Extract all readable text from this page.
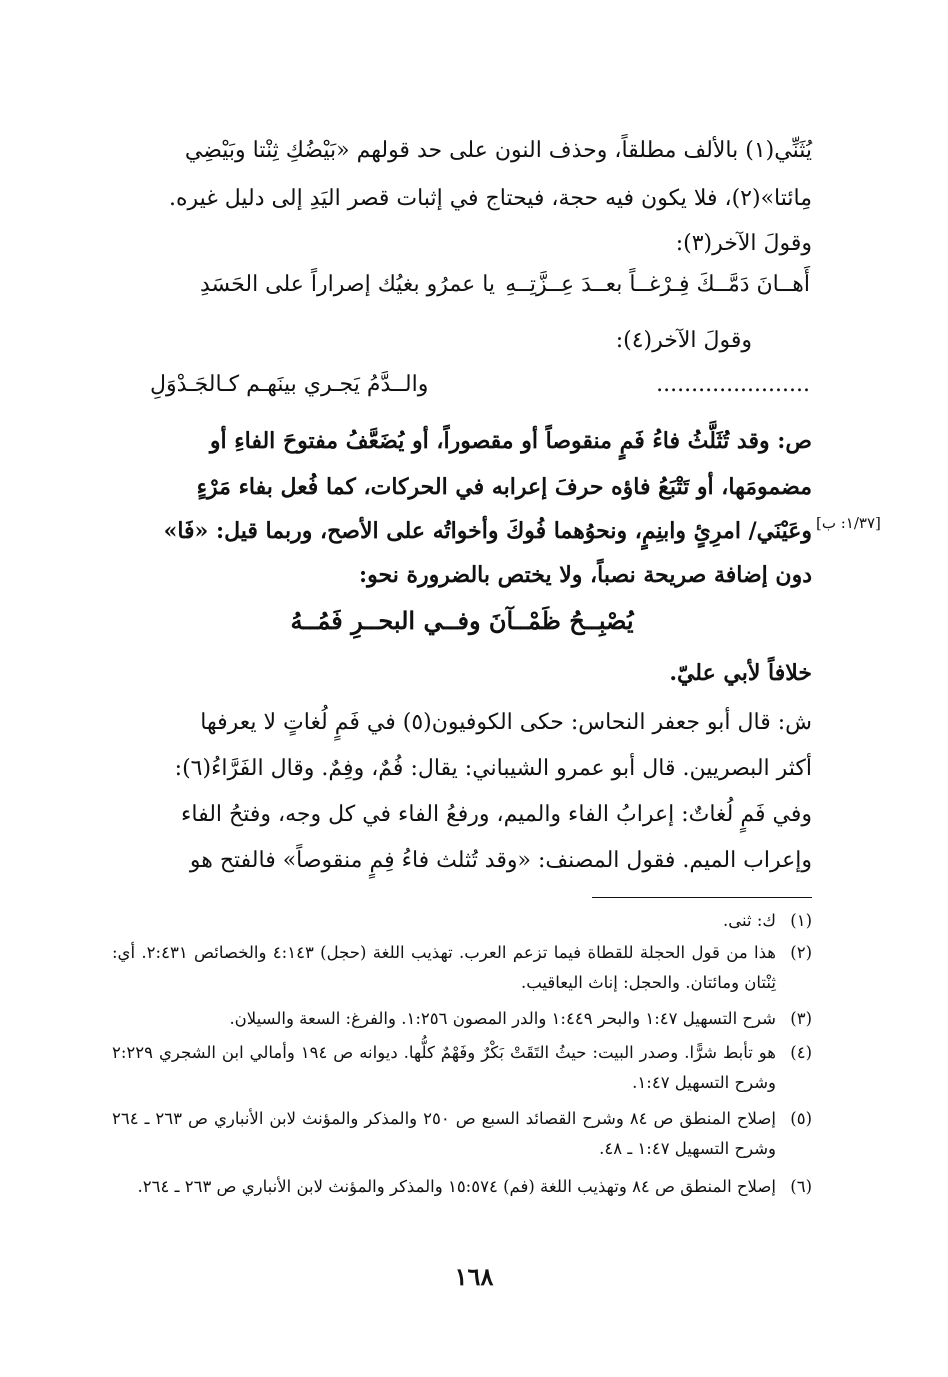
يُثَنِّي(١) بالألف مطلقاً، وحذف النون على حد قولهم «بَيْضُكِ ثِنْتا وبَيْضِي
مِائتا»(٢)، فلا يكون فيه حجة، فيحتاج في إثبات قصر اليَدِ إلى دليل غيره.
وقولَ الآخر(٣):
أَهــانَ دَمَّــكَ فِـرْغــاً بعــدَ عِــزَّتِــهِ
يا عمرُو بغيُك إصراراً على الحَسَدِ
وقولَ الآخر(٤):
......................
والــدَّمُ يَجـري بينَهـم كـالجَـدْوَلِ
ص: وقد تُثَلَّثُ فاءُ فَمٍ منقوصاً أو مقصوراً، أو يُضَعَّفُ مفتوحَ الفاءِ أو
مضمومَها، أو تَتْبَعُ فاؤه حرفَ إعرابه في الحركات، كما فُعل بفاء مَرْءٍ
وعَيْنَي/ امرِئٍ وابنِمٍ، ونحوُهما فُوكَ وأخواتُه على الأصح، وربما قيل: «فَا» [١/٣٧: ب]
دون إضافة صريحة نصباً، ولا يختص بالضرورة نحو:
يُصْبِــحُ ظَمْــآنَ وفــي البحــرِ فَمُــهُ
خلافاً لأبي عليّ.
ش: قال أبو جعفر النحاس: حكى الكوفيون(٥) في فَمٍ لُغاتٍ لا يعرفها
أكثر البصريين. قال أبو عمرو الشيباني: يقال: فُمٌ، وفِمٌ. وقال الفَرَّاءُ(٦):
وفي فَمٍ لُغاتٌ: إعرابُ الفاء والميم، ورفعُ الفاء في كل وجه، وفتحُ الفاء
وإعراب الميم. فقول المصنف: «وقد تُثلث فاءُ فِمٍ منقوصاً» فالفتح هو
(١)
ك: ثنى.
(٢)
هذا من قول الحجلة للقطاة فيما تزعم العرب. تهذيب اللغة (حجل) ٤:١٤٣ والخصائص ٢:٤٣١. أي: ثِنْتان ومائتان. والحجل: إناث اليعاقيب.
(٣)
شرح التسهيل ١:٤٧ والبحر ١:٤٤٩ والدر المصون ١:٢٥٦. والفرغ: السعة والسيلان.
(٤)
هو تأبط شرًّا. وصدر البيت: حيثُ التَقَتْ بَكْرٌ وفَهْمٌ كلُّها. ديوانه ص ١٩٤ وأمالي ابن الشجري ٢:٢٢٩ وشرح التسهيل ١:٤٧.
(٥)
إصلاح المنطق ص ٨٤ وشرح القصائد السبع ص ٢٥٠ والمذكر والمؤنث لابن الأنباري ص ٢٦٣ ـ ٢٦٤ وشرح التسهيل ١:٤٧ ـ ٤٨.
(٦)
إصلاح المنطق ص ٨٤ وتهذيب اللغة (فم) ١٥:٥٧٤ والمذكر والمؤنث لابن الأنباري ص ٢٦٣ ـ ٢٦٤.
١٦٨
